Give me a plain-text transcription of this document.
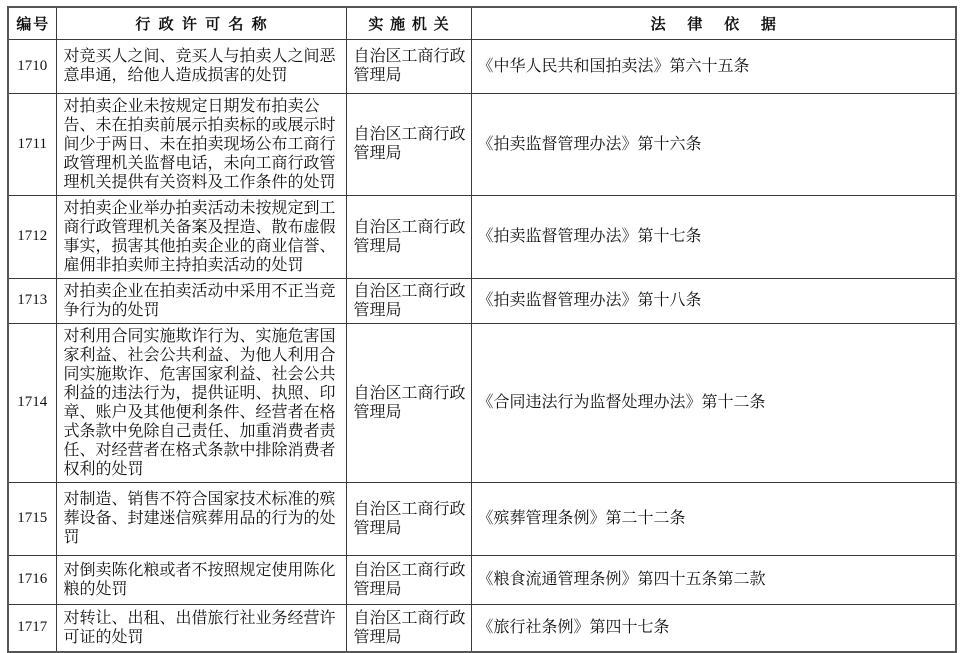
编号	行政许可名称	实施机关	法律依据
1710	对竞买人之间、竞买人与拍卖人之间恶意串通，给他人造成损害的处罚	自治区工商行政管理局	《中华人民共和国拍卖法》第六十五条
1711	对拍卖企业未按规定日期发布拍卖公告、未在拍卖前展示拍卖标的或展示时间少于两日、未在拍卖现场公布工商行政管理机关监督电话，未向工商行政管理机关提供有关资料及工作条件的处罚	自治区工商行政管理局	《拍卖监督管理办法》第十六条
1712	对拍卖企业举办拍卖活动未按规定到工商行政管理机关备案及捏造、散布虚假事实，损害其他拍卖企业的商业信誉、雇佣非拍卖师主持拍卖活动的处罚	自治区工商行政管理局	《拍卖监督管理办法》第十七条
1713	对拍卖企业在拍卖活动中采用不正当竞争行为的处罚	自治区工商行政管理局	《拍卖监督管理办法》第十八条
1714	对利用合同实施欺诈行为、实施危害国家利益、社会公共利益、为他人利用合同实施欺诈、危害国家利益、社会公共利益的违法行为，提供证明、执照、印章、账户及其他便利条件、经营者在格式条款中免除自己责任、加重消费者责任、对经营者在格式条款中排除消费者权利的处罚	自治区工商行政管理局	《合同违法行为监督处理办法》第十二条
1715	对制造、销售不符合国家技术标准的殡葬设备、封建迷信殡葬用品的行为的处罚	自治区工商行政管理局	《殡葬管理条例》第二十二条
1716	对倒卖陈化粮或者不按照规定使用陈化粮的处罚	自治区工商行政管理局	《粮食流通管理条例》第四十五条第二款
1717	对转让、出租、出借旅行社业务经营许可证的处罚	自治区工商行政管理局	《旅行社条例》第四十七条
